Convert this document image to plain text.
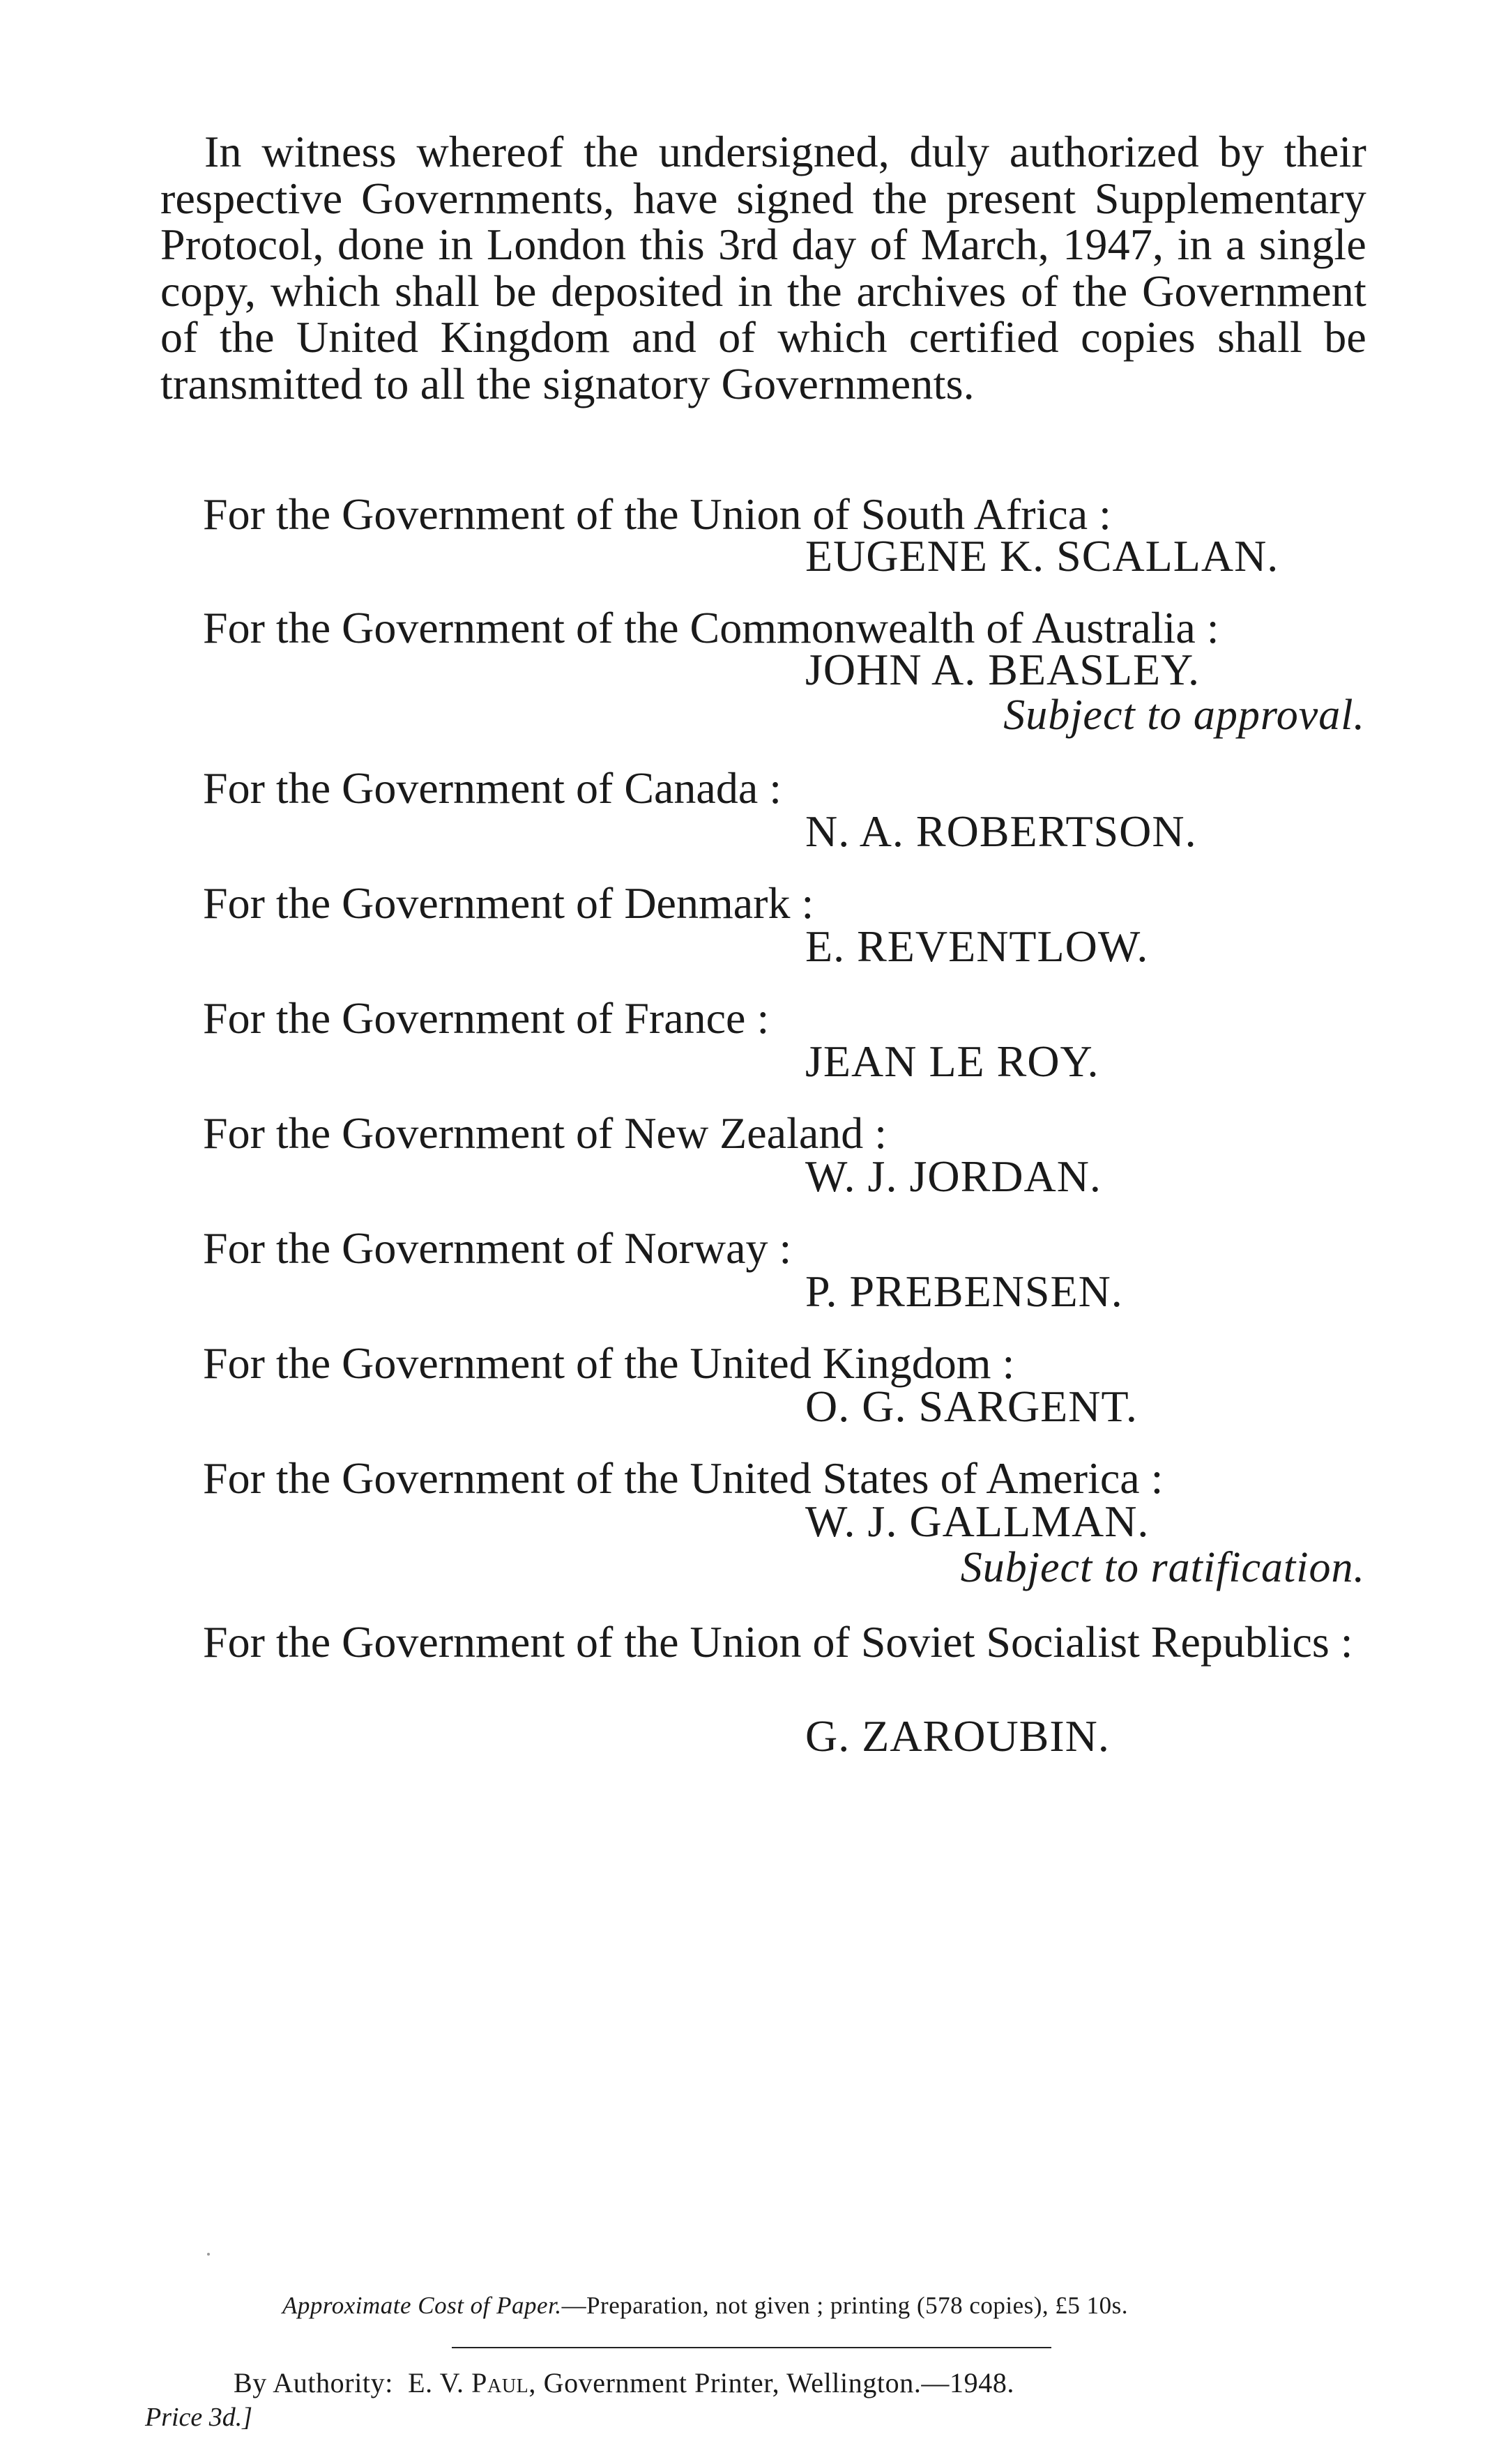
In witness whereof the undersigned, duly authorized by their respective Governments, have signed the present Supplementary Protocol, done in London this 3rd day of March, 1947, in a single copy, which shall be deposited in the archives of the Government of the United Kingdom and of which certified copies shall be transmitted to all the signatory Governments.

For the Government of the Union of South Africa :
EUGENE K. SCALLAN.
For the Government of the Commonwealth of Australia :
JOHN A. BEASLEY.
Subject to approval.
For the Government of Canada :
N. A. ROBERTSON.
For the Government of Denmark :
E. REVENTLOW.
For the Government of France :
JEAN LE ROY.
For the Government of New Zealand :
W. J. JORDAN.
For the Government of Norway :
P. PREBENSEN.
For the Government of the United Kingdom :
O. G. SARGENT.
For the Government of the United States of America :
W. J. GALLMAN.
Subject to ratification.
For the Government of the Union of Soviet Socialist Republics :
G. ZAROUBIN.
Approximate Cost of Paper.—Preparation, not given ; printing (578 copies), £5 10s.
By Authority: E. V. Paul, Government Printer, Wellington.—1948.
Price 3d.]
